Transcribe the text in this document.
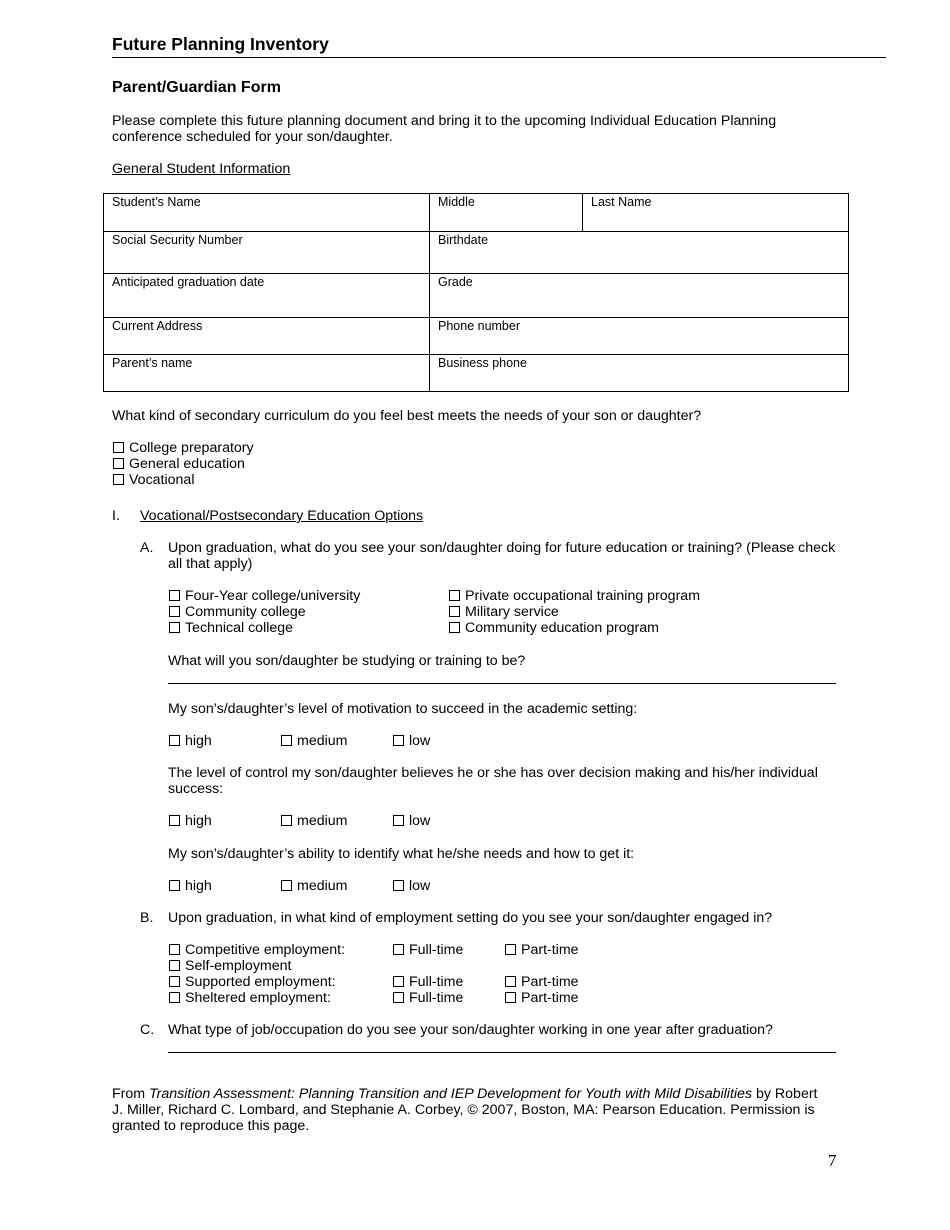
Future Planning Inventory
Parent/Guardian Form
Please complete this future planning document and bring it to the upcoming Individual Education Planning conference scheduled for your son/daughter.
General Student Information
Student’s Name	Middle	Last Name
Social Security Number	Birthdate	
Anticipated graduation date	Grade	
Current Address	Phone number	
Parent’s name	Business phone	
What kind of secondary curriculum do you feel best meets the needs of your son or daughter?
College preparatory
General education
Vocational
I. Vocational/Postsecondary Education Options
A. Upon graduation, what do you see your son/daughter doing for future education or training? (Please check all that apply)
Four-Year college/university
Community college
Technical college
Private occupational training program
Military service
Community education program
What will you son/daughter be studying or training to be?
My son’s/daughter’s level of motivation to succeed in the academic setting:
high	medium	low
The level of control my son/daughter believes he or she has over decision making and his/her individual success:
high	medium	low
My son’s/daughter’s ability to identify what he/she needs and how to get it:
high	medium	low
B. Upon graduation, in what kind of employment setting do you see your son/daughter engaged in?
Competitive employment:	Full-time	Part-time
Self-employment
Supported employment:	Full-time	Part-time
Sheltered employment:	Full-time	Part-time
C. What type of job/occupation do you see your son/daughter working in one year after graduation?
From Transition Assessment: Planning Transition and IEP Development for Youth with Mild Disabilities by Robert J. Miller, Richard C. Lombard, and Stephanie A. Corbey, © 2007, Boston, MA: Pearson Education. Permission is granted to reproduce this page.
7
